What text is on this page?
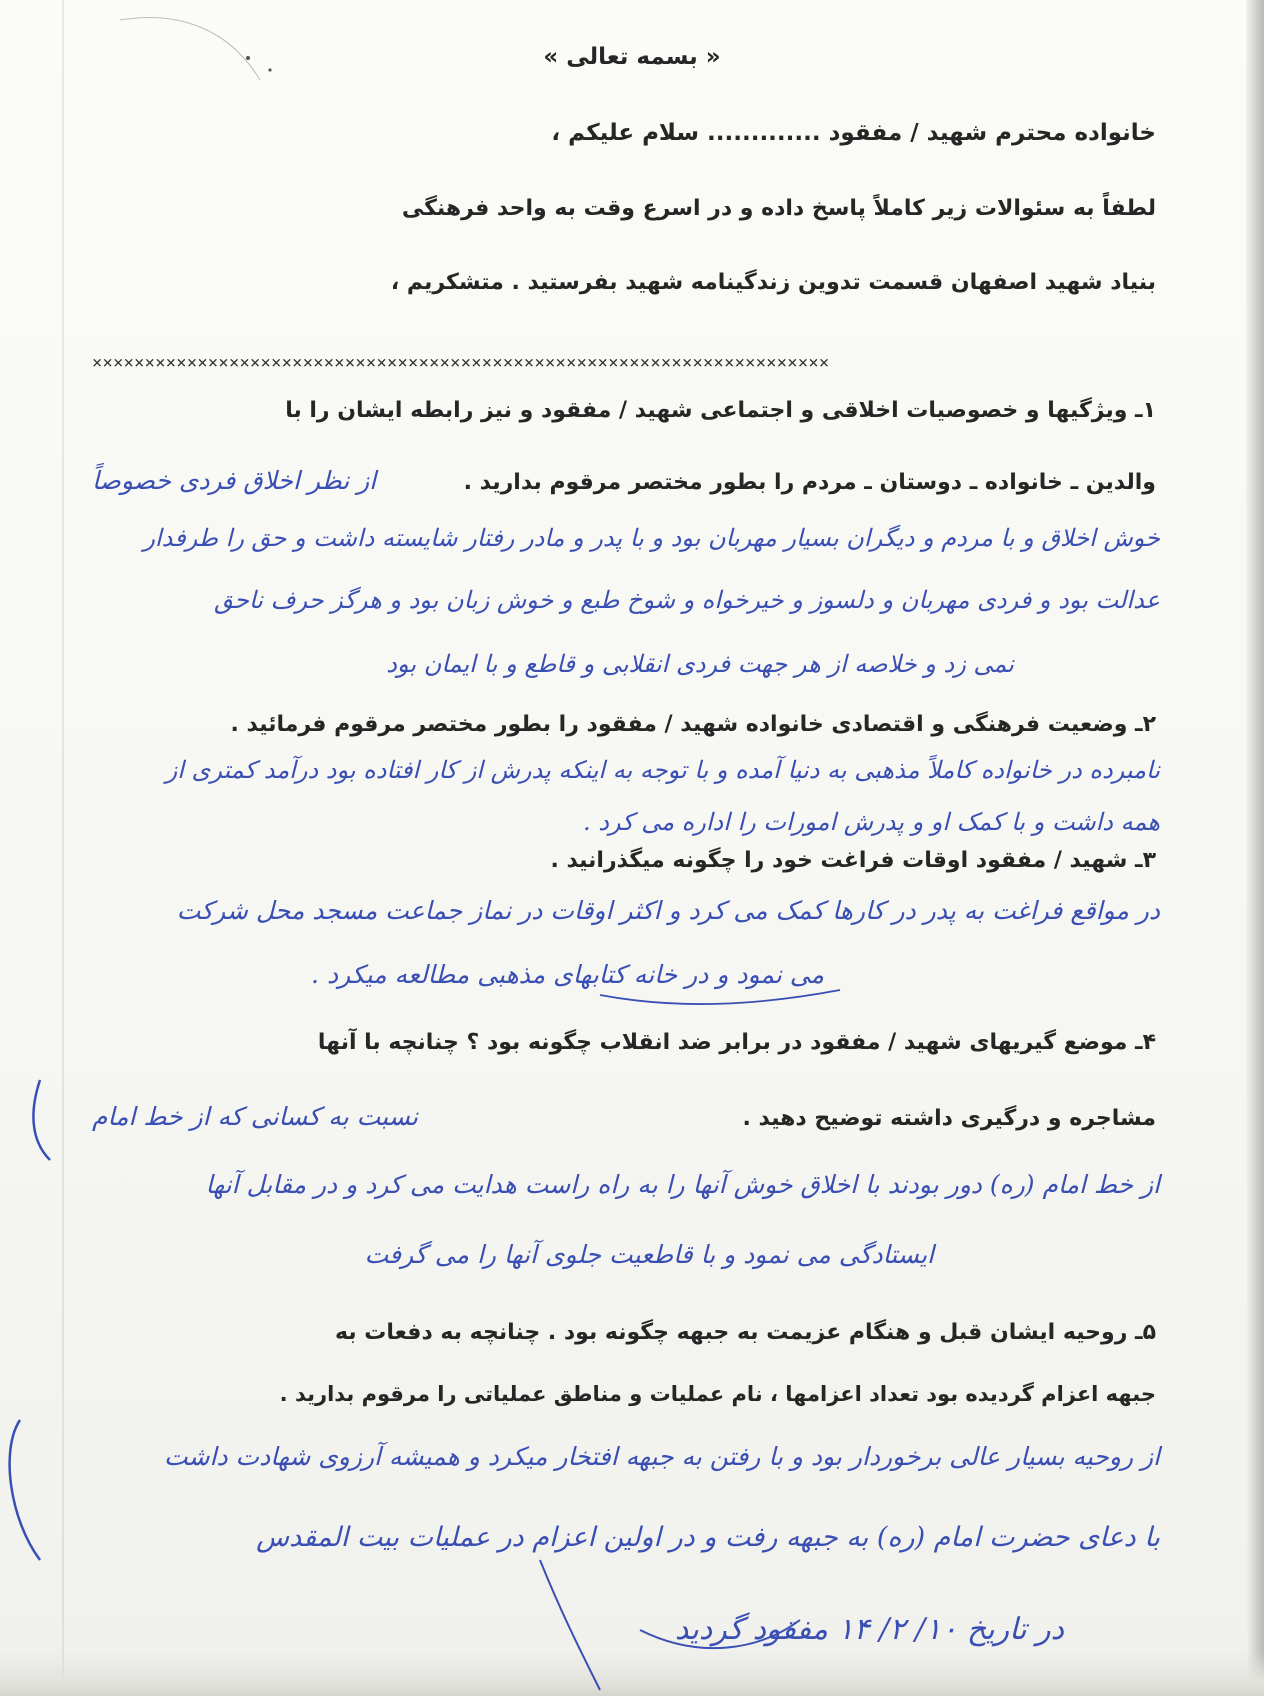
« بسمه تعالی »
خانواده محترم شهید / مفقود ............. سلام علیکم ،
لطفاً به سئوالات زیر کاملاً پاسخ داده و در اسرع وقت به واحد فرهنگی
بنیاد شهید اصفهان قسمت تدوین زندگینامه شهید بفرستید . متشکریم ،
××××××××××××××××××××××××××××××××××××××××××××××××××××××××××××××××××××××
۱ـ ویژگیها و خصوصیات اخلاقی و اجتماعی شهید / مفقود و نیز رابطه ایشان را با
والدین ـ خانواده ـ دوستان ـ مردم را بطور مختصر مرقوم بدارید .
از نظر اخلاق فردی خصوصاً
خوش اخلاق و با مردم و دیگران بسیار مهربان بود و با پدر و مادر رفتار شایسته داشت و حق را طرفدار
عدالت بود و فردی مهربان و دلسوز و خیرخواه و شوخ طبع و خوش زبان بود و هرگز حرف ناحق
نمی زد و خلاصه از هر جهت فردی انقلابی و قاطع و با ایمان بود
۲ـ وضعیت فرهنگی و اقتصادی خانواده شهید / مفقود را بطور مختصر مرقوم فرمائید .
نامبرده در خانواده کاملاً مذهبی به دنیا آمده و با توجه به اینکه پدرش از کار افتاده بود درآمد کمتری از
همه داشت و با کمک او و پدرش امورات را اداره می کرد .
۳ـ شهید / مفقود اوقات فراغت خود را چگونه میگذرانید .
در مواقع فراغت به پدر در کارها کمک می کرد و اکثر اوقات در نماز جماعت مسجد محل شرکت
می نمود و در خانه کتابهای مذهبی مطالعه میکرد .
۴ـ موضع گیریهای شهید / مفقود در برابر ضد انقلاب چگونه بود ؟ چنانچه با آنها
مشاجره و درگیری داشته توضیح دهید .
نسبت به کسانی که از خط امام
از خط امام (ره) دور بودند با اخلاق خوش آنها را به راه راست هدایت می کرد و در مقابل آنها
ایستادگی می نمود و با قاطعیت جلوی آنها را می گرفت
۵ـ روحیه ایشان قبل و هنگام عزیمت به جبهه چگونه بود . چنانچه به دفعات به
جبهه اعزام گردیده بود تعداد اعزامها ، نام عملیات و مناطق عملیاتی را مرقوم بدارید .
از روحیه بسیار عالی برخوردار بود و با رفتن به جبهه افتخار میکرد و همیشه آرزوی شهادت داشت
با دعای حضرت امام (ره) به جبهه رفت و در اولین اعزام در عملیات بیت المقدس
در تاریخ ۱۰/ ۲/ ۱۴ مفقود گردید
